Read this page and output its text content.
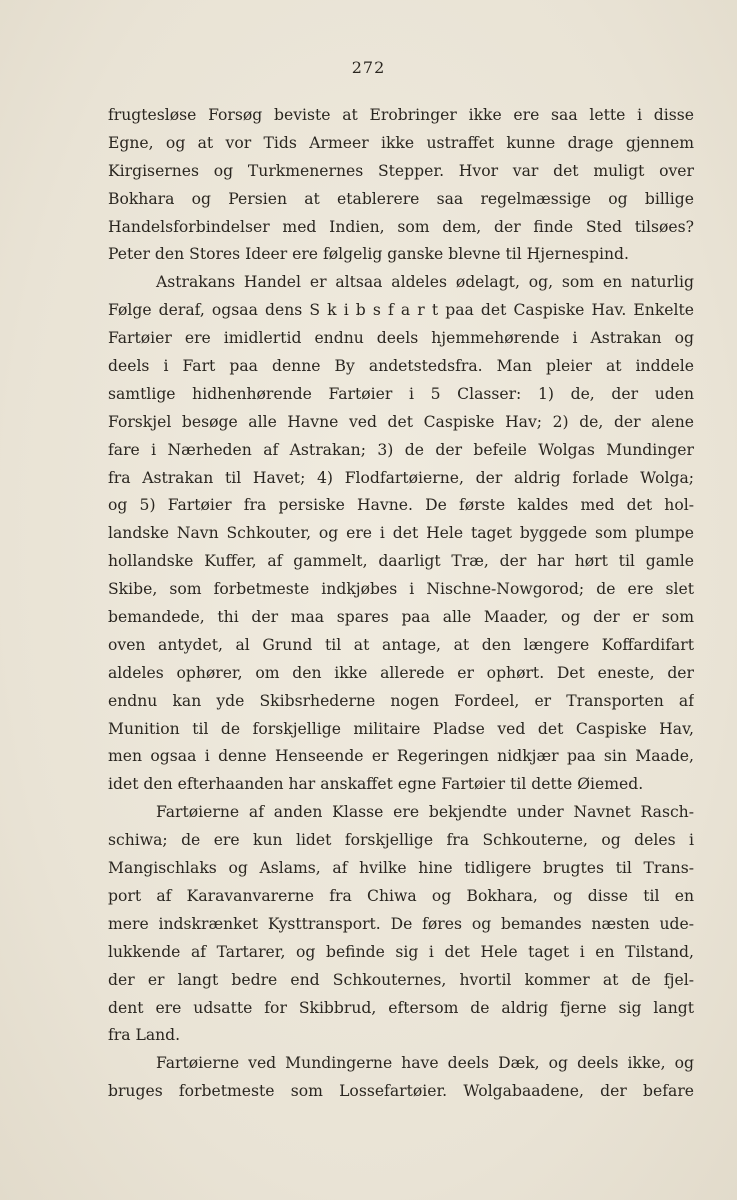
272
frugtesløse Forsøg beviste at Erobringer ikke ere saa lette i disse
Egne, og at vor Tids Armeer ikke ustraffet kunne drage gjennem
Kirgisernes og Turkmenernes Stepper. Hvor var det muligt over
Bokhara og Persien at etablerere saa regelmæssige og billige
Handelsforbindelser med Indien, som dem, der finde Sted tilsøes?
Peter den Stores Ideer ere følgelig ganske blevne til Hjernespind.
Astrakans Handel er altsaa aldeles ødelagt, og, som en naturlig
Følge deraf, ogsaa dens S k i b s f a r t paa det Caspiske Hav. Enkelte
Fartøier ere imidlertid endnu deels hjemmehørende i Astrakan og
deels i Fart paa denne By andetstedsfra. Man pleier at inddele
samtlige hidhenhørende Fartøier i 5 Classer: 1) de, der uden
Forskjel besøge alle Havne ved det Caspiske Hav; 2) de, der alene
fare i Nærheden af Astrakan; 3) de der befeile Wolgas Mundinger
fra Astrakan til Havet; 4) Flodfartøierne, der aldrig forlade Wolga;
og 5) Fartøier fra persiske Havne. De første kaldes med det hol-
landske Navn Schkouter, og ere i det Hele taget byggede som plumpe
hollandske Kuffer, af gammelt, daarligt Træ, der har hørt til gamle
Skibe, som forbetmeste indkjøbes i Nischne-Nowgorod; de ere slet
bemandede, thi der maa spares paa alle Maader, og der er som
oven antydet, al Grund til at antage, at den længere Koffardifart
aldeles ophører, om den ikke allerede er ophørt. Det eneste, der
endnu kan yde Skibsrhederne nogen Fordeel, er Transporten af
Munition til de forskjellige militaire Pladse ved det Caspiske Hav,
men ogsaa i denne Henseende er Regeringen nidkjær paa sin Maade,
idet den efterhaanden har anskaffet egne Fartøier til dette Øiemed.
Fartøierne af anden Klasse ere bekjendte under Navnet Rasch-
schiwa; de ere kun lidet forskjellige fra Schkouterne, og deles i
Mangischlaks og Aslams, af hvilke hine tidligere brugtes til Trans-
port af Karavanvarerne fra Chiwa og Bokhara, og disse til en
mere indskrænket Kysttransport. De føres og bemandes næsten ude-
lukkende af Tartarer, og befinde sig i det Hele taget i en Tilstand,
der er langt bedre end Schkouternes, hvortil kommer at de fjel-
dent ere udsatte for Skibbrud, eftersom de aldrig fjerne sig langt
fra Land.
Fartøierne ved Mundingerne have deels Dæk, og deels ikke, og
bruges forbetmeste som Lossefartøier. Wolgabaadene, der befare
